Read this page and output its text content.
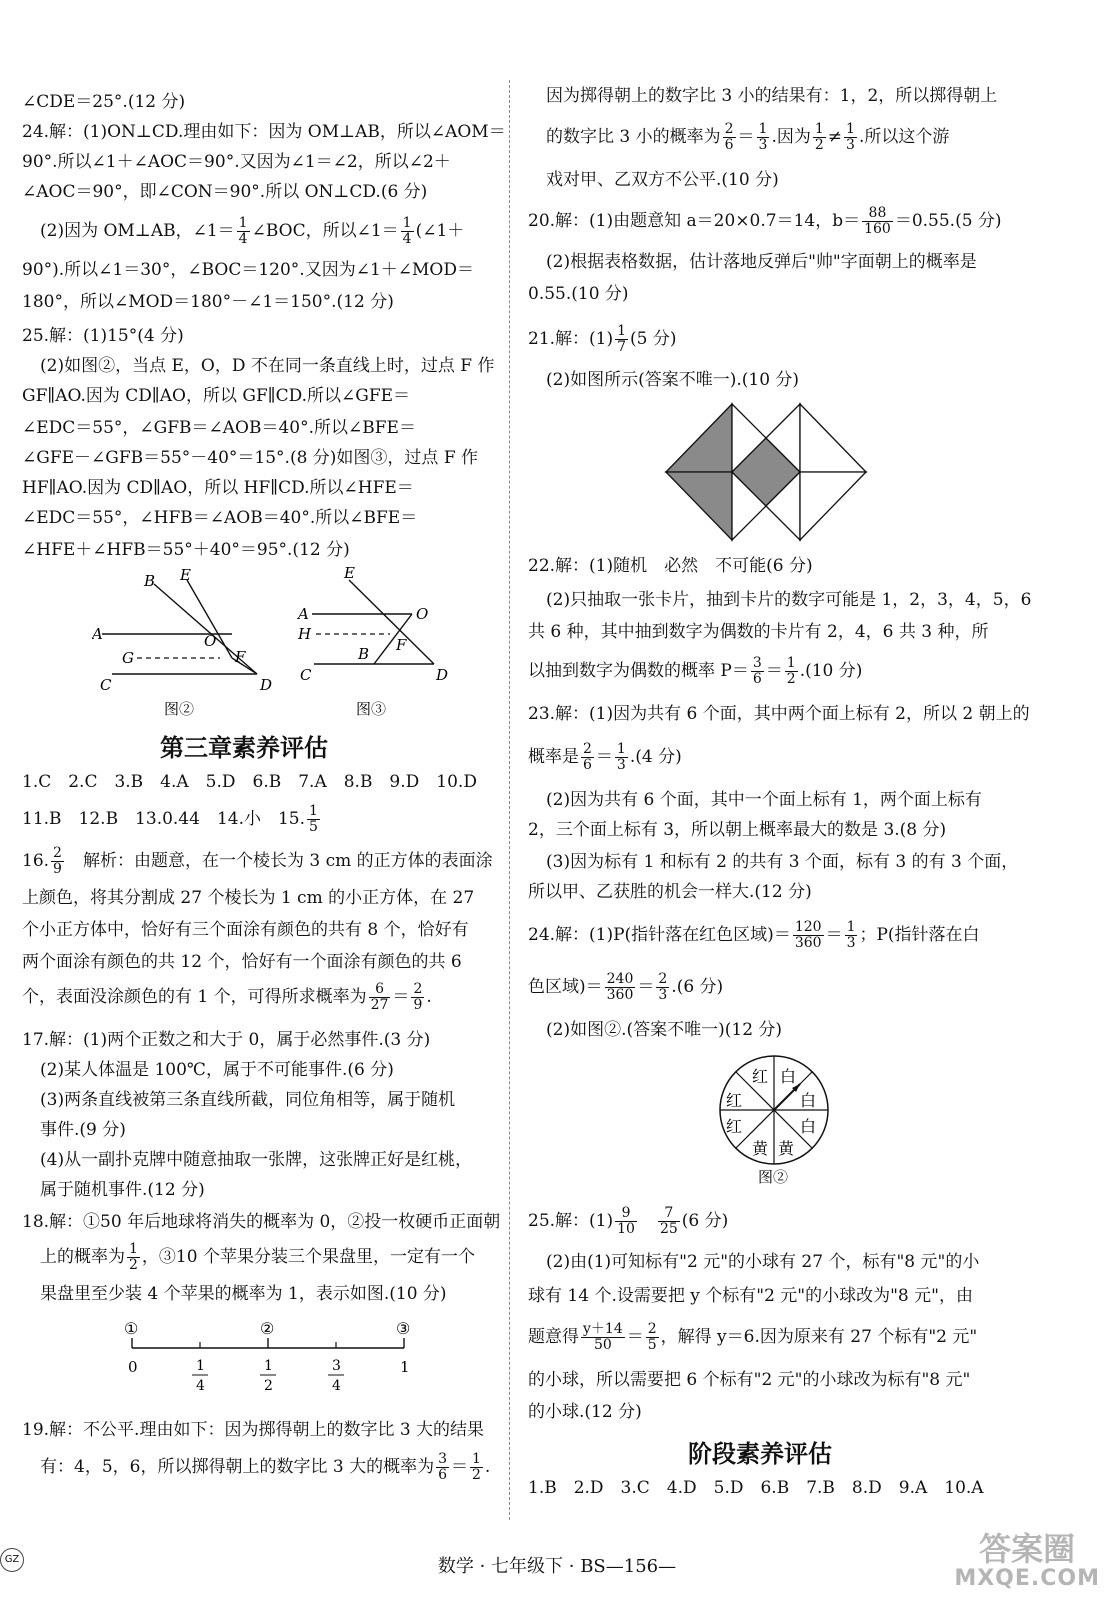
∠CDE＝25°.(12 分)
24.解：(1)ON⊥CD.理由如下：因为 OM⊥AB，所以∠AOM＝
90°.所以∠1＋∠AOC＝90°.又因为∠1＝∠2，所以∠2＋
∠AOC＝90°，即∠CON＝90°.所以 ON⊥CD.(6 分)
(2)因为 OM⊥AB，∠1＝ $\frac{1}{4}$ ∠BOC，所以∠1＝ $\frac{1}{4}$ (∠1＋
90°).所以∠1＝30°，∠BOC＝120°.又因为∠1＋∠MOD＝
180°，所以∠MOD＝180°－∠1＝150°.(12 分)
25.解：(1)15°(4 分)
(2)如图②，当点 E，O，D 不在同一条直线上时，过点 F 作
GF∥AO.因为 CD∥AO，所以 GF∥CD.所以∠GFE＝
∠EDC＝55°，∠GFB＝∠AOB＝40°.所以∠BFE＝
∠GFE－∠GFB＝55°－40°＝15°.(8 分)如图③，过点 F 作
HF∥AO.因为 CD∥AO，所以 HF∥CD.所以∠HFE＝
∠EDC＝55°，∠HFB＝∠AOB＝40°.所以∠BFE＝
∠HFE＋∠HFB＝55°＋40°＝95°.(12 分)
B E
A
G
O
F
C	D
图②
E
A	O
H
F
B
C	D
图③
第三章素养评估
1.C　2.C　3.B　4.A　5.D　6.B　7.A　8.B　9.D　10.D
11.B　12.B　13.0.44　14.小　15. $\frac{1}{5}$
16. $\frac{2}{9}$ 　解析：由题意，在一个棱长为 3 cm 的正方体的表面涂
上颜色，将其分割成 27 个棱长为 1 cm 的小正方体，在 27
个小正方体中，恰好有三个面涂有颜色的共有 8 个，恰好有
两个面涂有颜色的共 12 个，恰好有一个面涂有颜色的共 6
个，表面没涂颜色的有 1 个，可得所求概率为 $\frac{6}{27} = \frac{2}{9}$ .
17.解：(1)两个正数之和大于 0，属于必然事件.(3 分)
(2)某人体温是 100℃，属于不可能事件.(6 分)
(3)两条直线被第三条直线所截，同位角相等，属于随机
事件.(9 分)
(4)从一副扑克牌中随意抽取一张牌，这张牌正好是红桃，
属于随机事件.(12 分)
18.解：①50 年后地球将消失的概率为 0，②投一枚硬币正面朝
上的概率为 $\frac{1}{2}$ ，③10 个苹果分装三个果盘里，一定有一个
果盘里至少装 4 个苹果的概率为 1，表示如图.(10 分)
①	②	③
0	1
4
1
2
3
4
1
19.解：不公平.理由如下：因为掷得朝上的数字比 3 大的结果
有：4，5，6，所以掷得朝上的数字比 3 大的概率为 $\frac{3}{6} = \frac{1}{2}$ .
因为掷得朝上的数字比 3 小的结果有：1，2，所以掷得朝上
的数字比 3 小的概率为 $\frac{2}{6} = \frac{1}{3}$ .因为 $\frac{1}{2} \ne \frac{1}{3}$ .所以这个游
戏对甲、乙双方不公平.(10 分)
20.解：(1)由题意知 a＝20×0.7＝14，$b= \frac{88}{160} =0.55.(5$ 分)
(2)根据表格数据，估计落地反弹后"帅"字面朝上的概率是
0.55.(10 分)
21.解：$(1) \frac{1}{7} (5$ 分)
(2)如图所示(答案不唯一).(10 分)
22.解：(1)随机　必然　不可能(6 分)
(2)只抽取一张卡片，抽到卡片的数字可能是 1，2，3，4，5，6
共 6 种，其中抽到数字为偶数的卡片有 2，4，6 共 3 种，所
以抽到数字为偶数的概率 $P= \frac{3}{6} = \frac{1}{2} .(10$ 分)
23.解：(1)因为共有 6 个面，其中两个面上标有 2，所以 2 朝上的
概率是 $\frac{2}{6} = \frac{1}{3} .(4$ 分)
(2)因为共有 6 个面，其中一个面上标有 1，两个面上标有
2，三个面上标有 3，所以朝上概率最大的数是 3.(8 分)
(3)因为标有 1 和标有 2 的共有 3 个面，标有 3 的有 3 个面，
所以甲、乙获胜的机会一样大.(12 分)
24.解：(1)P(指针落在红色区域)＝ $\frac{120}{360} = \frac{1}{3}$ ；P(指针落在白
色区域)＝ $\frac{240}{360} = \frac{2}{3} .(6$ 分)
(2)如图②.(答案不唯一)(12 分)
红 白
白
白
黄
黄
红
红
图②
25.解：$(1) \frac{9}{10}$
　 $\frac{7}{25} (6$ 分)
(2)由(1)可知标有"2 元"的小球有 27 个，标有"8 元"的小
球有 14 个.设需要把 y 个标有"2 元"的小球改为"8 元"，由
题意得 $\frac{y+14}{50} = \frac{2}{5}$ ，解得 y＝6.因为原来有 27 个标有"2 元"
的小球，所以需要把 6 个标有"2 元"的小球改为标有"8 元"
的小球.(12 分)
阶段素养评估
1.B　2.D　3.C　4.D　5.D　6.B　7.B　8.D　9.A　10.A
GZ	数学 · 七年级下 · BS—156—	答案圈
MXQE.COM
